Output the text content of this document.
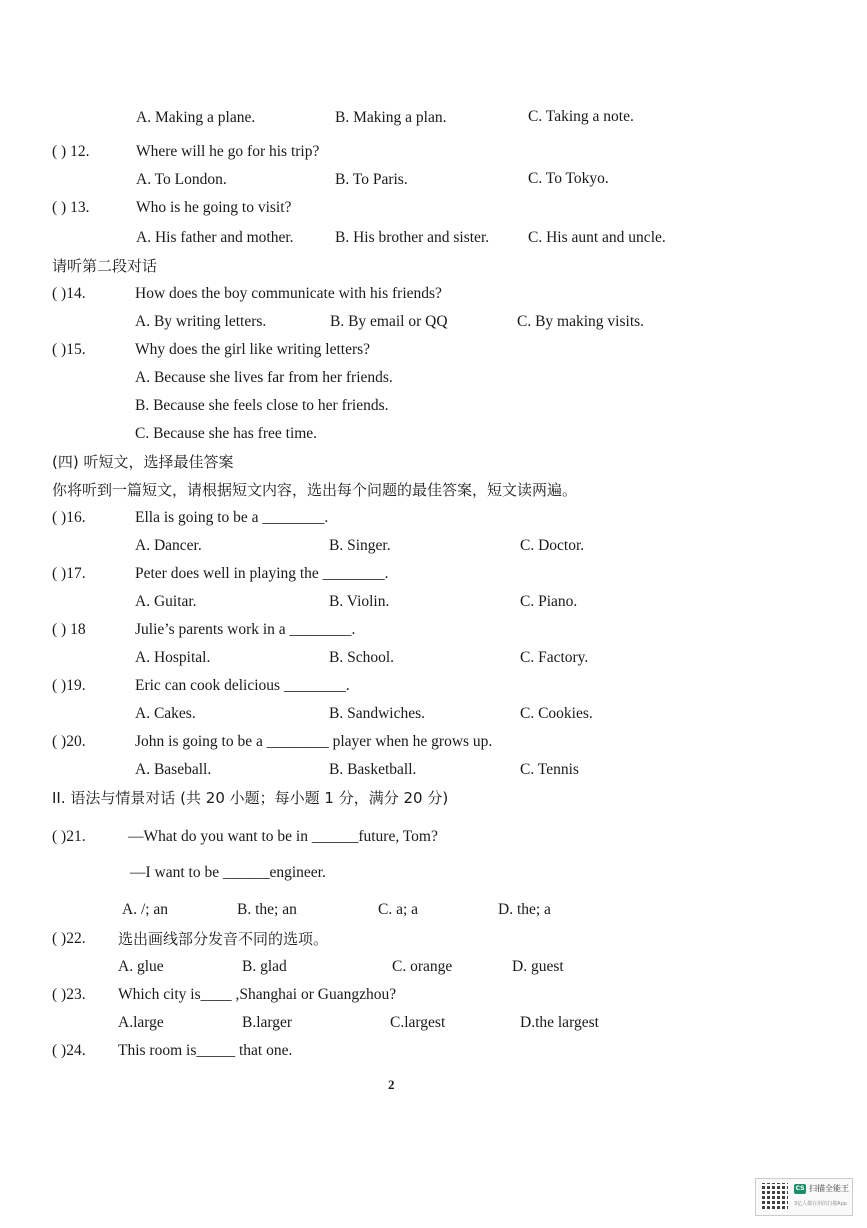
A. Making a plane.	B. Making a plan.	C. Taking a note.
( ) 12.	Where will he go for his trip?
A. To London.	B. To Paris.	C. To Tokyo.
( ) 13.	Who is he going to visit?
A. His father and mother.	B. His brother and sister.	C. His aunt and uncle.
请听第二段对话
( )14.	How does the boy communicate with his friends?
A. By writing letters.	B. By email or QQ	C. By making visits.
( )15.	Why does the girl like writing letters?
A. Because she lives far from her friends.
B. Because she feels close to her friends.
C. Because she has free time.
(四) 听短文，选择最佳答案
你将听到一篇短文，请根据短文内容，选出每个问题的最佳答案，短文读两遍。
( )16.	Ella is going to be a ________.
A. Dancer.	B. Singer.	C. Doctor.
( )17.	Peter does well in playing the ________.
A. Guitar.	B. Violin.	C. Piano.
( ) 18	Julie’s parents work in a ________.
A. Hospital.	B. School.	C. Factory.
( )19.	Eric can cook delicious ________.
A. Cakes.	B. Sandwiches.	C. Cookies.
( )20.	John is going to be a ________ player when he grows up.
A. Baseball.	B. Basketball.	C. Tennis
ІІ. 语法与情景对话 (共 20 小题；每小题 1 分，满分 20 分)
( )21.	—What do you want to be in ______future, Tom?
—I want to be ______engineer.
A. /; an	B. the; an	C. a; a	D. the; a
( )22. 选出画线部分发音不同的选项。
A. glue	B. glad	C. orange	D. guest
( )23. Which city is____ ,Shanghai or Guangzhou?
A.large	B.larger	C.largest	D.the largest
( )24. This room is_____ that one.
2
CS 扫描全能王
3亿人都在用的扫描App
